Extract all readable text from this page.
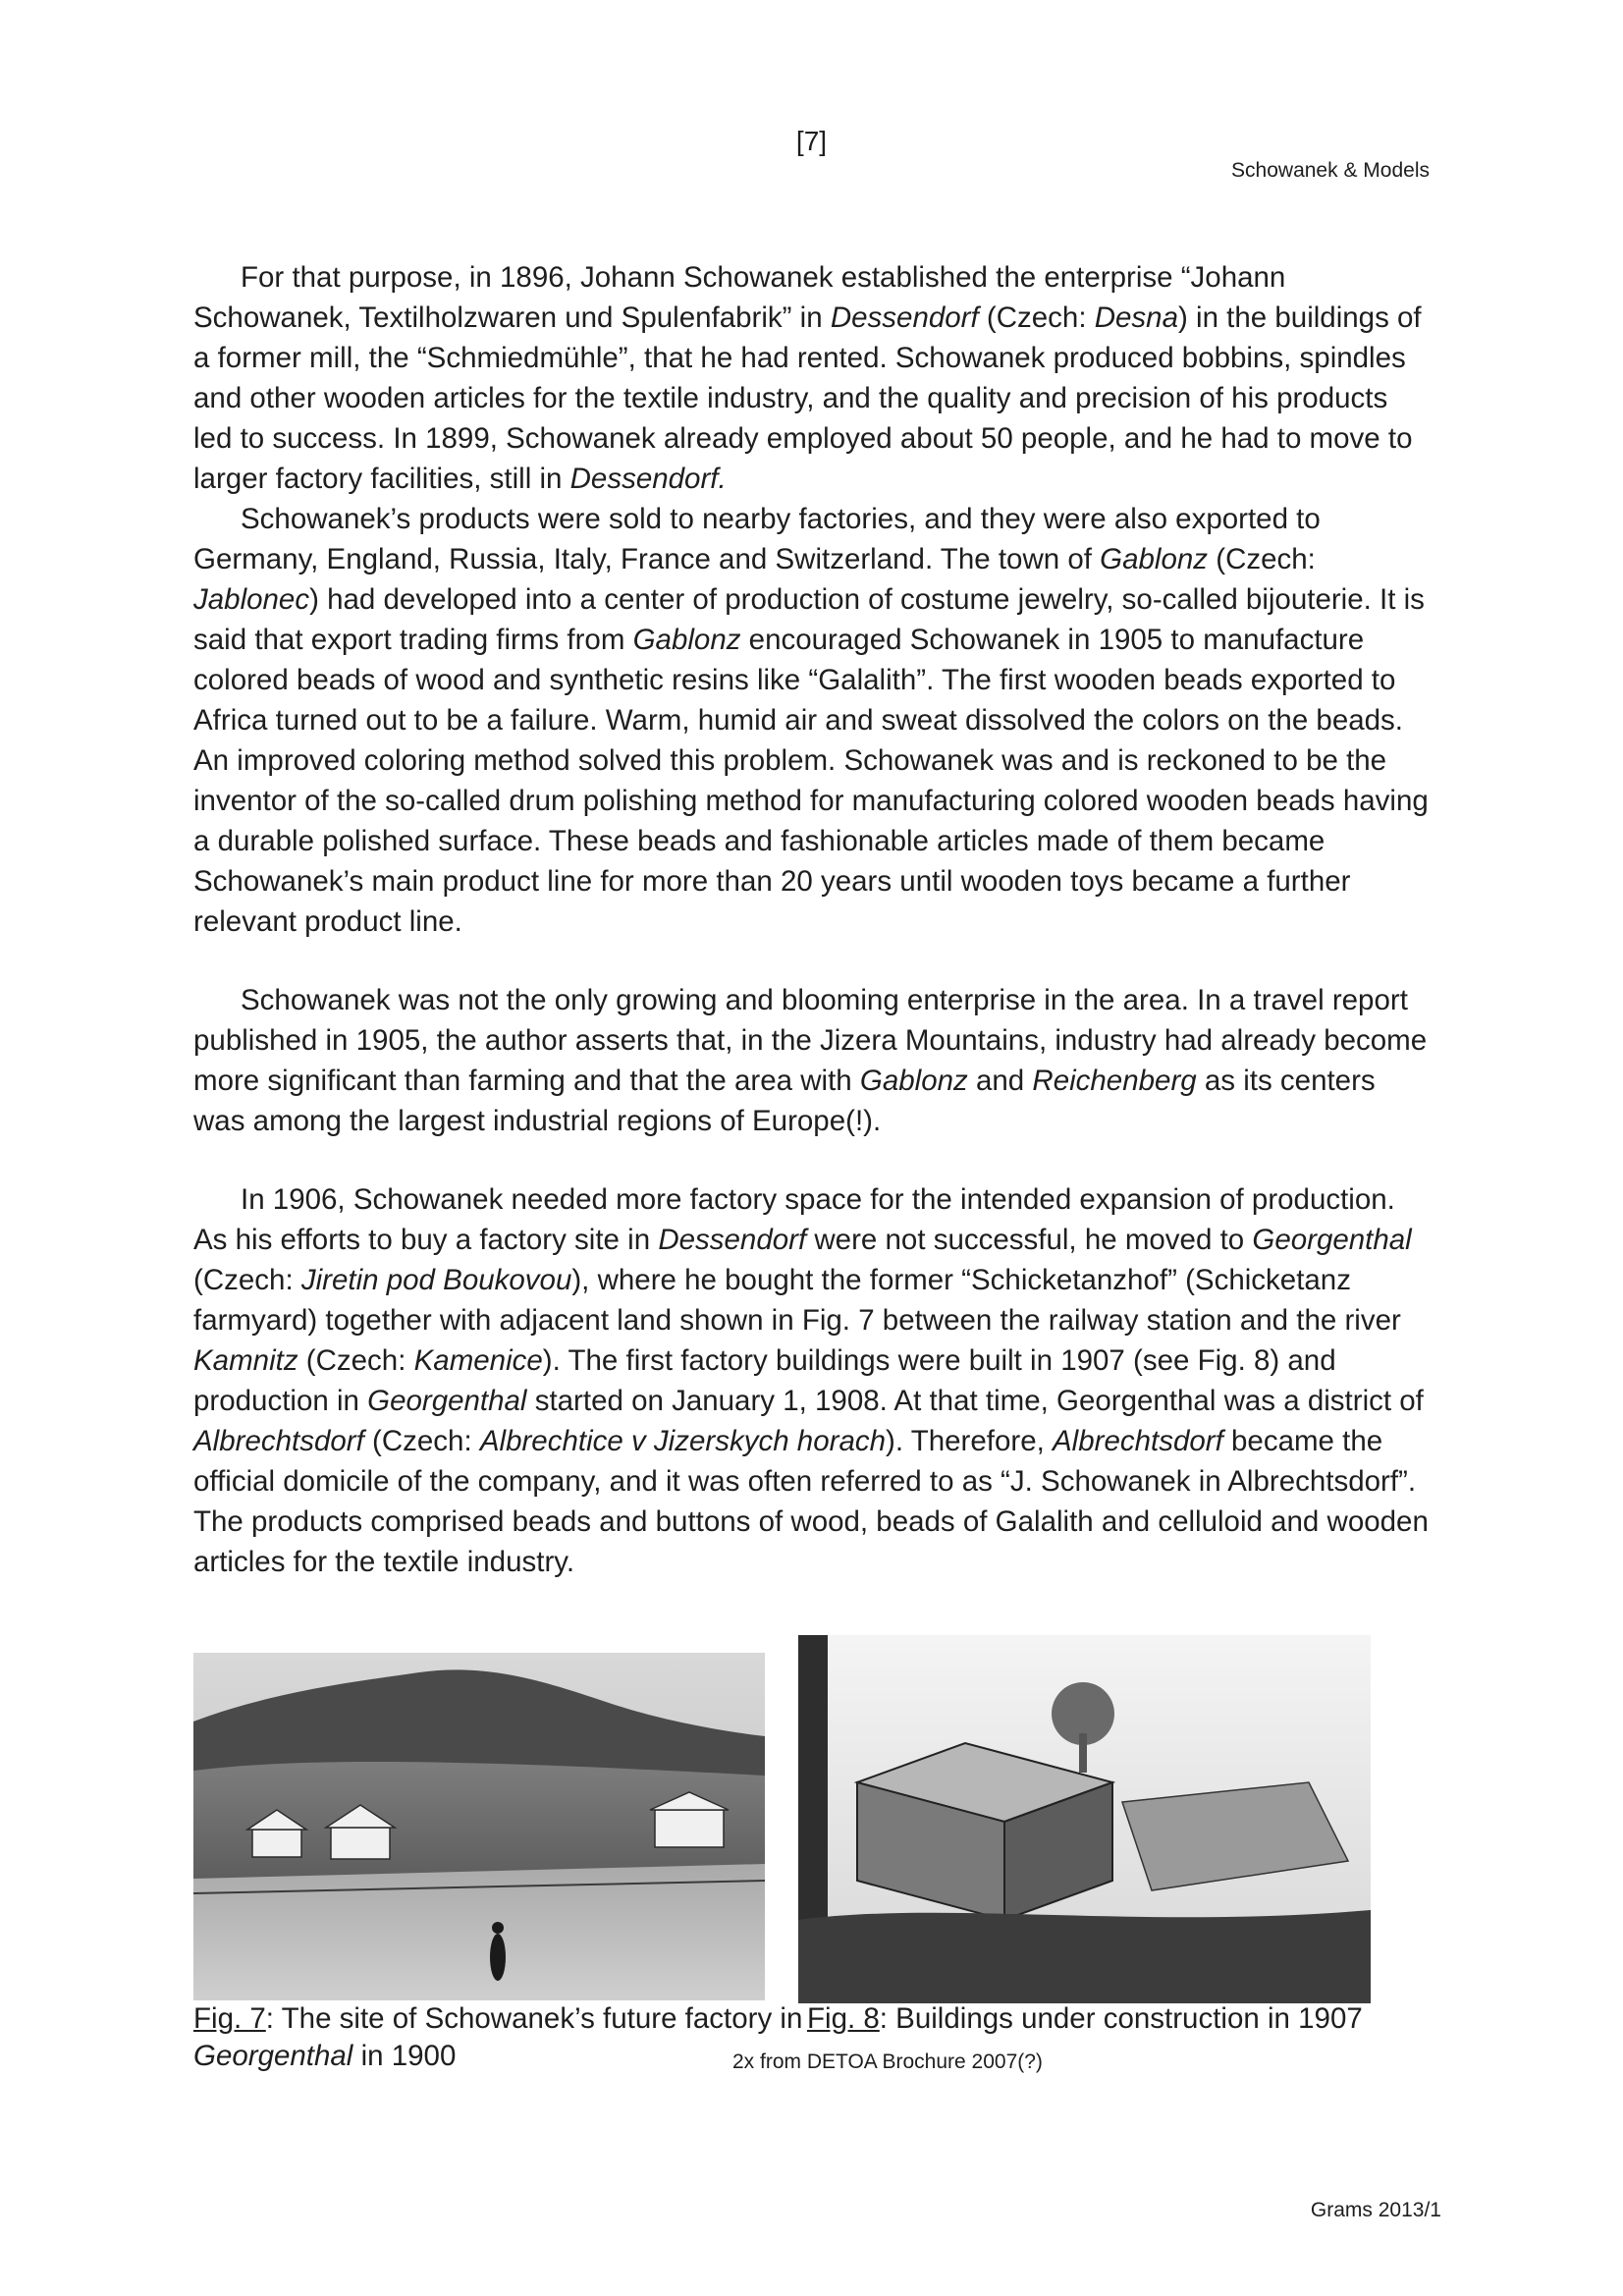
[7]
Schowanek & Models

For that purpose, in 1896, Johann Schowanek established the enterprise “Johann Schowanek, Textilholzwaren und Spulenfabrik” in Dessendorf (Czech: Desna) in the buildings of a former mill, the “Schmiedmühle”, that he had rented. Schowanek produced bobbins, spindles and other wooden articles for the textile industry, and the quality and precision of his products led to success. In 1899, Schowanek already employed about 50 people, and he had to move to larger factory facilities, still in Dessendorf.

Schowanek’s products were sold to nearby factories, and they were also exported to Germany, England, Russia, Italy, France and Switzerland. The town of Gablonz (Czech: Jablonec) had developed into a center of production of costume jewelry, so-called bijouterie. It is said that export trading firms from Gablonz encouraged Schowanek in 1905 to manufacture colored beads of wood and synthetic resins like “Galalith”. The first wooden beads exported to Africa turned out to be a failure. Warm, humid air and sweat dissolved the colors on the beads. An improved coloring method solved this problem. Schowanek was and is reckoned to be the inventor of the so-called drum polishing method for manufacturing colored wooden beads having a durable polished surface. These beads and fashionable articles made of them became Schowanek’s main product line for more than 20 years until wooden toys became a further relevant product line.

Schowanek was not the only growing and blooming enterprise in the area. In a travel report published in 1905, the author asserts that, in the Jizera Mountains, industry had already become more significant than farming and that the area with Gablonz and Reichenberg as its centers was among the largest industrial regions of Europe(!).

In 1906, Schowanek needed more factory space for the intended expansion of production. As his efforts to buy a factory site in Dessendorf were not successful, he moved to Georgenthal (Czech: Jiretin pod Boukovou), where he bought the former “Schicketanzhof” (Schicketanz farmyard) together with adjacent land shown in Fig. 7 between the railway station and the river Kamnitz (Czech: Kamenice). The first factory buildings were built in 1907 (see Fig. 8) and production in Georgenthal started on January 1, 1908. At that time, Georgenthal was a district of Albrechtsdorf (Czech: Albrechtice v Jizerskych horach). Therefore, Albrechtsdorf became the official domicile of the company, and it was often referred to as “J. Schowanek in Albrechtsdorf”. The products comprised beads and buttons of wood, beads of Galalith and celluloid and wooden articles for the textile industry.

Fig. 7: The site of Schowanek’s future factory in
Georgenthal in 1900
Fig. 8: Buildings under construction in 1907
2x from DETOA Brochure 2007(?)
Grams 2013/1
